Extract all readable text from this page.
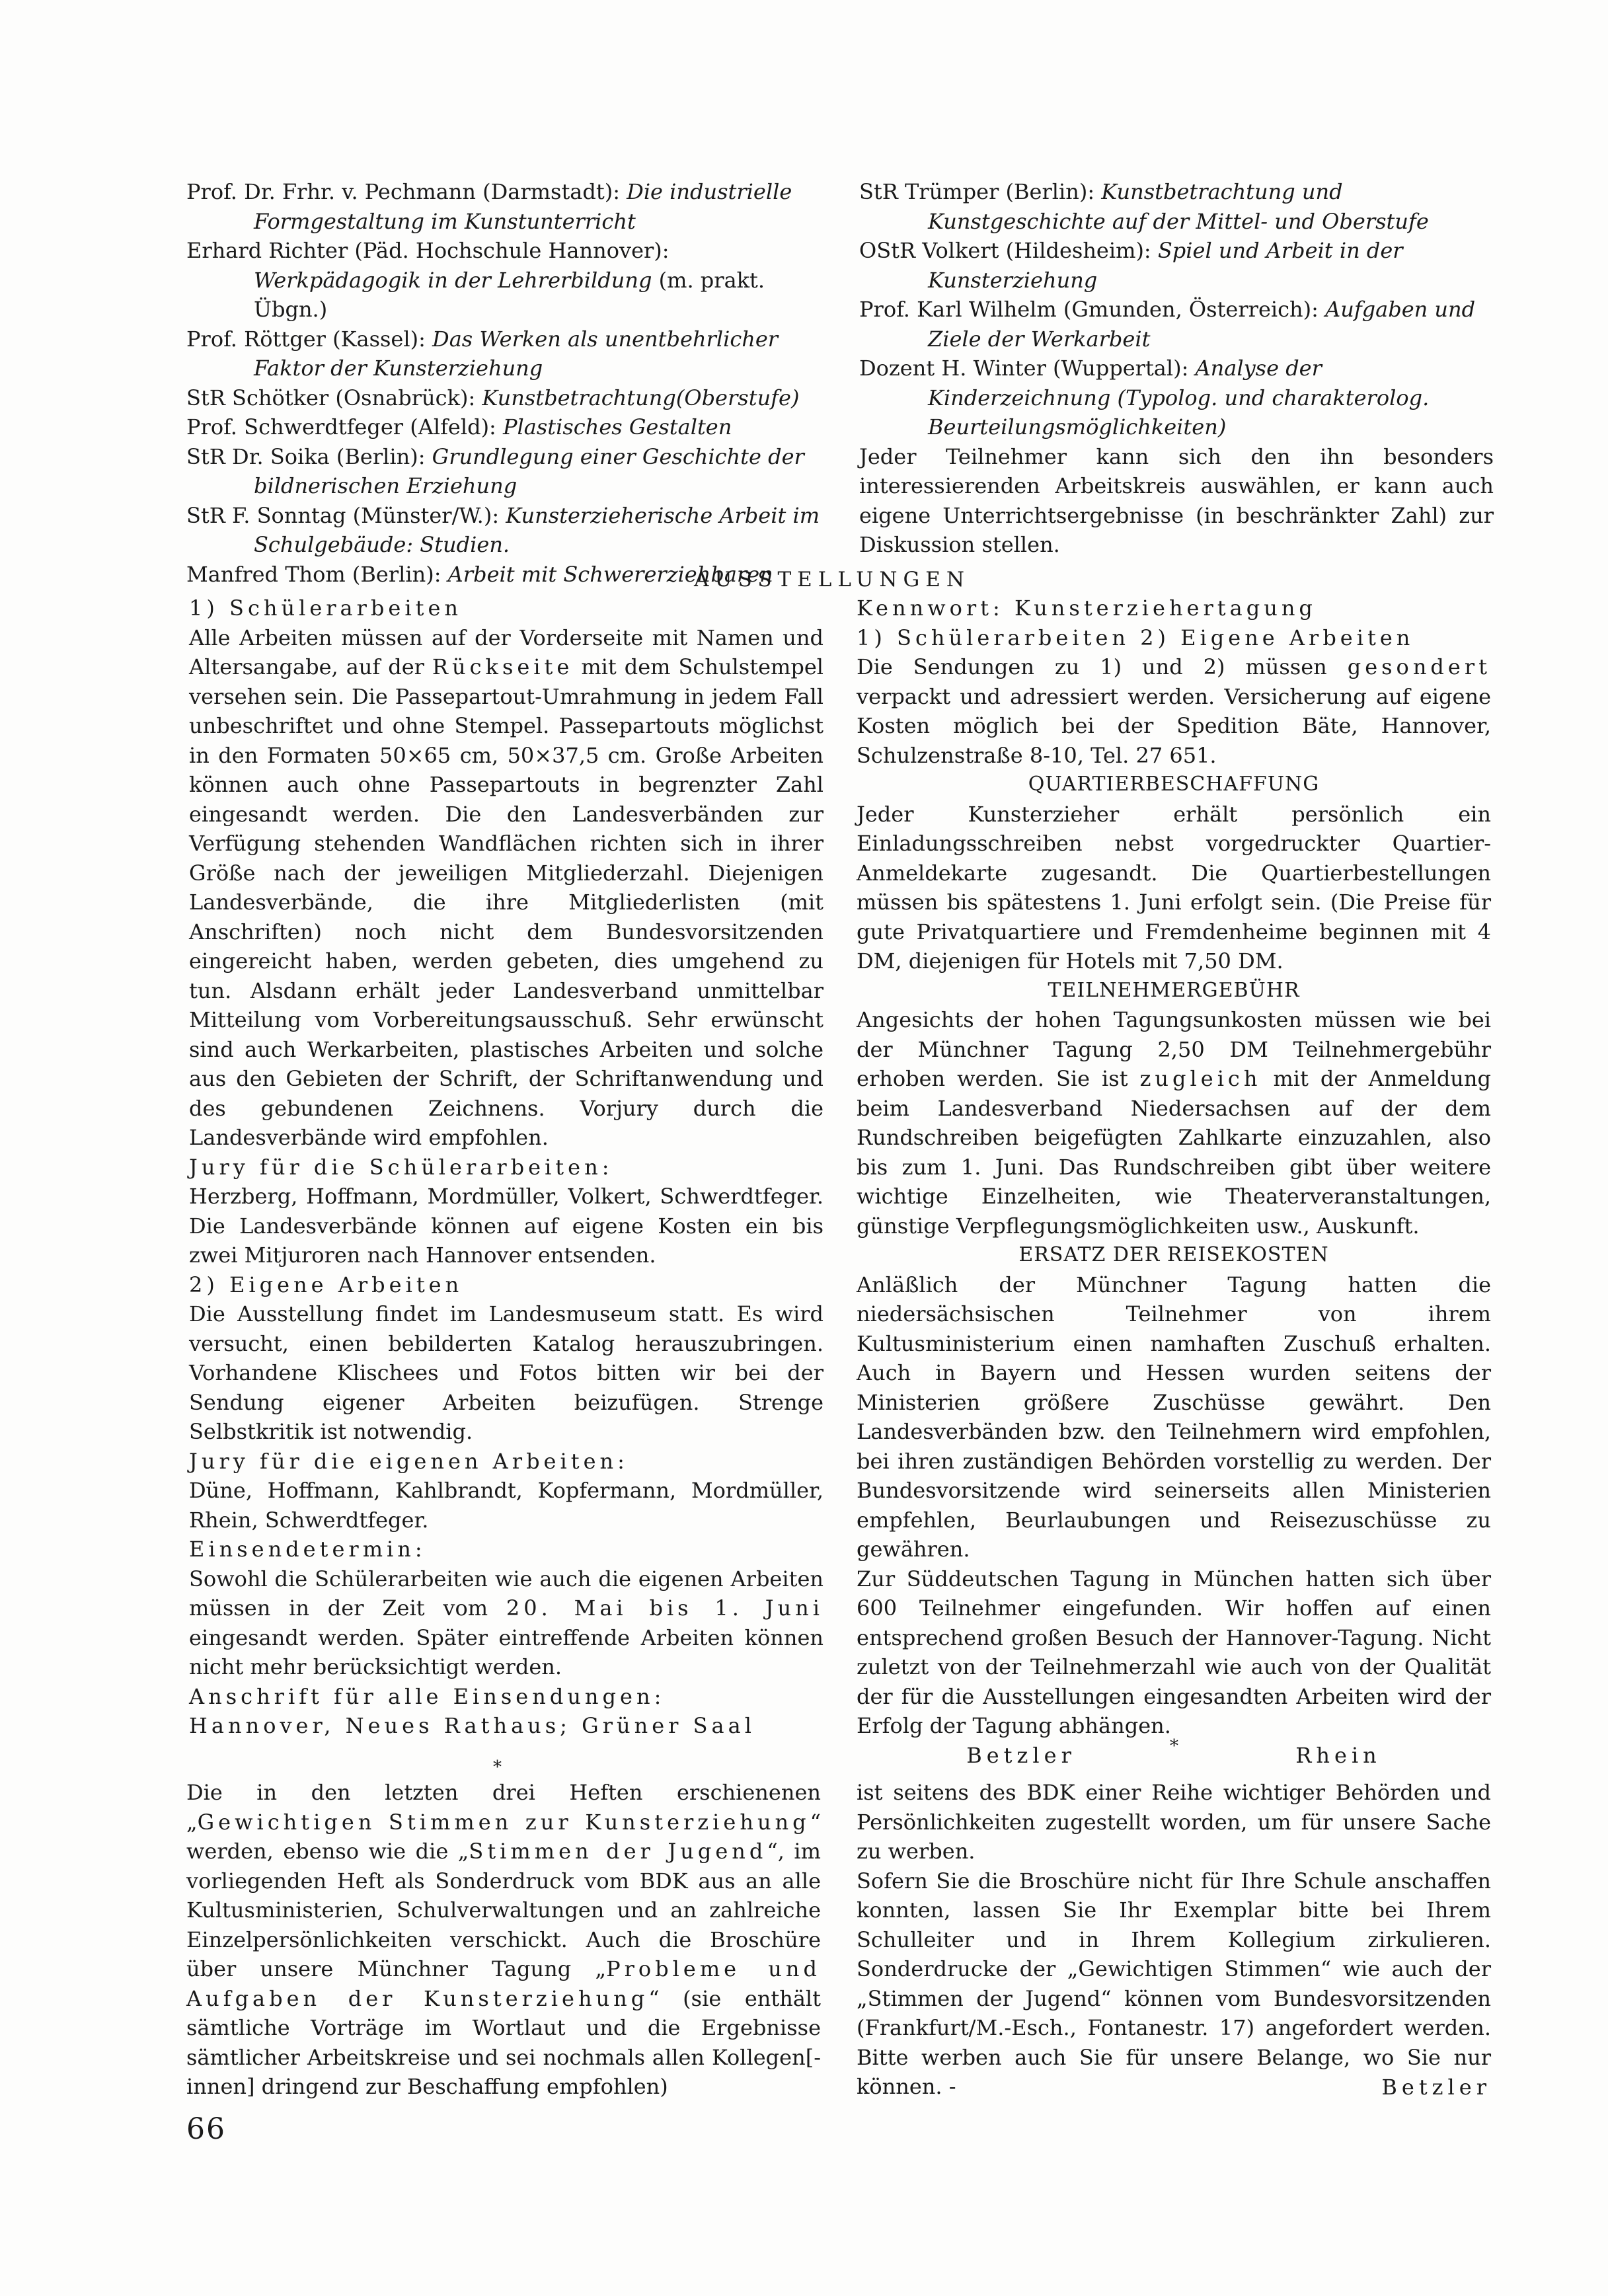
Prof. Dr. Frhr. v. Pechmann (Darmstadt): Die industrielle Formgestaltung im Kunstunterricht

Erhard Richter (Päd. Hochschule Hannover): Werkpädagogik in der Lehrerbildung (m. prakt. Übgn.)

Prof. Röttger (Kassel): Das Werken als unentbehrlicher Faktor der Kunsterziehung

StR Schötker (Osnabrück): Kunstbetrachtung(Oberstufe)

Prof. Schwerdtfeger (Alfeld): Plastisches Gestalten

StR Dr. Soika (Berlin): Grundlegung einer Geschichte der bildnerischen Erziehung

StR F. Sonntag (Münster/W.): Kunsterzieherische Arbeit im Schulgebäude: Studien.

Manfred Thom (Berlin): Arbeit mit Schwererziehbaren

StR Trümper (Berlin): Kunstbetrachtung und Kunstgeschichte auf der Mittel- und Oberstufe

OStR Volkert (Hildesheim): Spiel und Arbeit in der Kunsterziehung

Prof. Karl Wilhelm (Gmunden, Österreich): Aufgaben und Ziele der Werkarbeit

Dozent H. Winter (Wuppertal): Analyse der Kinderzeichnung (Typolog. und charakterolog. Beurteilungsmöglichkeiten)

Jeder Teilnehmer kann sich den ihn besonders interessierenden Arbeitskreis auswählen, er kann auch eigene Unterrichtsergebnisse (in beschränkter Zahl) zur Diskussion stellen.

AUSSTELLUNGEN

1) Schülerarbeiten

Alle Arbeiten müssen auf der Vorderseite mit Namen und Altersangabe, auf der Rückseite mit dem Schulstempel versehen sein. Die Passepartout-Umrahmung in jedem Fall unbeschriftet und ohne Stempel. Passepartouts möglichst in den Formaten 50×65 cm, 50×37,5 cm. Große Arbeiten können auch ohne Passepartouts in begrenzter Zahl eingesandt werden. Die den Landesverbänden zur Verfügung stehenden Wandflächen richten sich in ihrer Größe nach der jeweiligen Mitgliederzahl. Diejenigen Landesverbände, die ihre Mitgliederlisten (mit Anschriften) noch nicht dem Bundesvorsitzenden eingereicht haben, werden gebeten, dies umgehend zu tun. Alsdann erhält jeder Landesverband unmittelbar Mitteilung vom Vorbereitungsausschuß. Sehr erwünscht sind auch Werkarbeiten, plastisches Arbeiten und solche aus den Gebieten der Schrift, der Schriftanwendung und des gebundenen Zeichnens. Vorjury durch die Landesverbände wird empfohlen.

Jury für die Schülerarbeiten:

Herzberg, Hoffmann, Mordmüller, Volkert, Schwerdtfeger. Die Landesverbände können auf eigene Kosten ein bis zwei Mitjuroren nach Hannover entsenden.

2) Eigene Arbeiten

Die Ausstellung findet im Landesmuseum statt. Es wird versucht, einen bebilderten Katalog herauszubringen. Vorhandene Klischees und Fotos bitten wir bei der Sendung eigener Arbeiten beizufügen. Strenge Selbstkritik ist notwendig.

Jury für die eigenen Arbeiten:

Düne, Hoffmann, Kahlbrandt, Kopfermann, Mordmüller, Rhein, Schwerdtfeger.

Einsendetermin:

Sowohl die Schülerarbeiten wie auch die eigenen Arbeiten müssen in der Zeit vom 20. Mai bis 1. Juni eingesandt werden. Später eintreffende Arbeiten können nicht mehr berücksichtigt werden.

Anschrift für alle Einsendungen:

Hannover, Neues Rathaus; Grüner Saal

Kennwort: Kunsterziehertagung

1) Schülerarbeiten 2) Eigene Arbeiten

Die Sendungen zu 1) und 2) müssen gesondert verpackt und adressiert werden. Versicherung auf eigene Kosten möglich bei der Spedition Bäte, Hannover, Schulzenstraße 8-10, Tel. 27 651.

QUARTIERBESCHAFFUNG

Jeder Kunsterzieher erhält persönlich ein Einladungsschreiben nebst vorgedruckter Quartier-Anmeldekarte zugesandt. Die Quartierbestellungen müssen bis spätestens 1. Juni erfolgt sein. (Die Preise für gute Privatquartiere und Fremdenheime beginnen mit 4 DM, diejenigen für Hotels mit 7,50 DM.

TEILNEHMERGEBÜHR

Angesichts der hohen Tagungsunkosten müssen wie bei der Münchner Tagung 2,50 DM Teilnehmergebühr erhoben werden. Sie ist zugleich mit der Anmeldung beim Landesverband Niedersachsen auf der dem Rundschreiben beigefügten Zahlkarte einzuzahlen, also bis zum 1. Juni. Das Rundschreiben gibt über weitere wichtige Einzelheiten, wie Theaterveranstaltungen, günstige Verpflegungsmöglichkeiten usw., Auskunft.

ERSATZ DER REISEKOSTEN

Anläßlich der Münchner Tagung hatten die niedersächsischen Teilnehmer von ihrem Kultusministerium einen namhaften Zuschuß erhalten. Auch in Bayern und Hessen wurden seitens der Ministerien größere Zuschüsse gewährt. Den Landesverbänden bzw. den Teilnehmern wird empfohlen, bei ihren zuständigen Behörden vorstellig zu werden. Der Bundesvorsitzende wird seinerseits allen Ministerien empfehlen, Beurlaubungen und Reisezuschüsse zu gewähren.

Zur Süddeutschen Tagung in München hatten sich über 600 Teilnehmer eingefunden. Wir hoffen auf einen entsprechend großen Besuch der Hannover-Tagung. Nicht zuletzt von der Teilnehmerzahl wie auch von der Qualität der für die Ausstellungen eingesandten Arbeiten wird der Erfolg der Tagung abhängen.

Betzler	Rhein
*
*

Die in den letzten drei Heften erschienenen „Gewichtigen Stimmen zur Kunsterziehung“ werden, ebenso wie die „Stimmen der Jugend“, im vorliegenden Heft als Sonderdruck vom BDK aus an alle Kultusministerien, Schulverwaltungen und an zahlreiche Einzelpersönlichkeiten verschickt. Auch die Broschüre über unsere Münchner Tagung „Probleme und Aufgaben der Kunsterziehung“ (sie enthält sämtliche Vorträge im Wortlaut und die Ergebnisse sämtlicher Arbeitskreise und sei nochmals allen Kollegen[-innen] dringend zur Beschaffung empfohlen)

ist seitens des BDK einer Reihe wichtiger Behörden und Persönlichkeiten zugestellt worden, um für unsere Sache zu werben.

Sofern Sie die Broschüre nicht für Ihre Schule anschaffen konnten, lassen Sie Ihr Exemplar bitte bei Ihrem Schulleiter und in Ihrem Kollegium zirkulieren. Sonderdrucke der „Gewichtigen Stimmen“ wie auch der „Stimmen der Jugend“ können vom Bundesvorsitzenden (Frankfurt/M.-Esch., Fontanestr. 17) angefordert werden. Bitte werben auch Sie für unsere Belange, wo Sie nur können. -	Betzler

66
